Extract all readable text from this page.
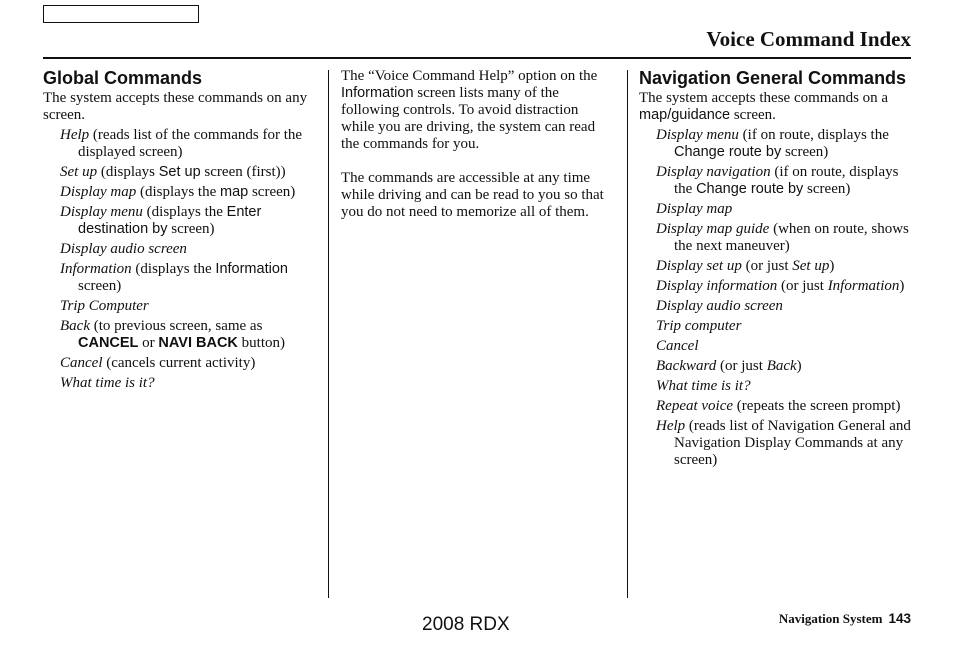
Voice Command Index
Global Commands
The system accepts these commands on any screen.
Help (reads list of the commands for the displayed screen)
Set up (displays Set up screen (first))
Display map (displays the map screen)
Display menu (displays the Enter destination by screen)
Display audio screen
Information (displays the Information screen)
Trip Computer
Back (to previous screen, same as CANCEL or NAVI BACK button)
Cancel (cancels current activity)
What time is it?
The “Voice Command Help” option on the Information screen lists many of the following controls. To avoid distraction while you are driving, the system can read the commands for you.
The commands are accessible at any time while driving and can be read to you so that you do not need to memorize all of them.
Navigation General Commands
The system accepts these commands on a map/guidance screen.
Display menu (if on route, displays the Change route by screen)
Display navigation (if on route, displays the Change route by screen)
Display map
Display map guide (when on route, shows the next maneuver)
Display set up (or just Set up)
Display information (or just Information)
Display audio screen
Trip computer
Cancel
Backward (or just Back)
What time is it?
Repeat voice (repeats the screen prompt)
Help (reads list of Navigation General and Navigation Display Commands at any screen)
2008 RDX	Navigation System 143
